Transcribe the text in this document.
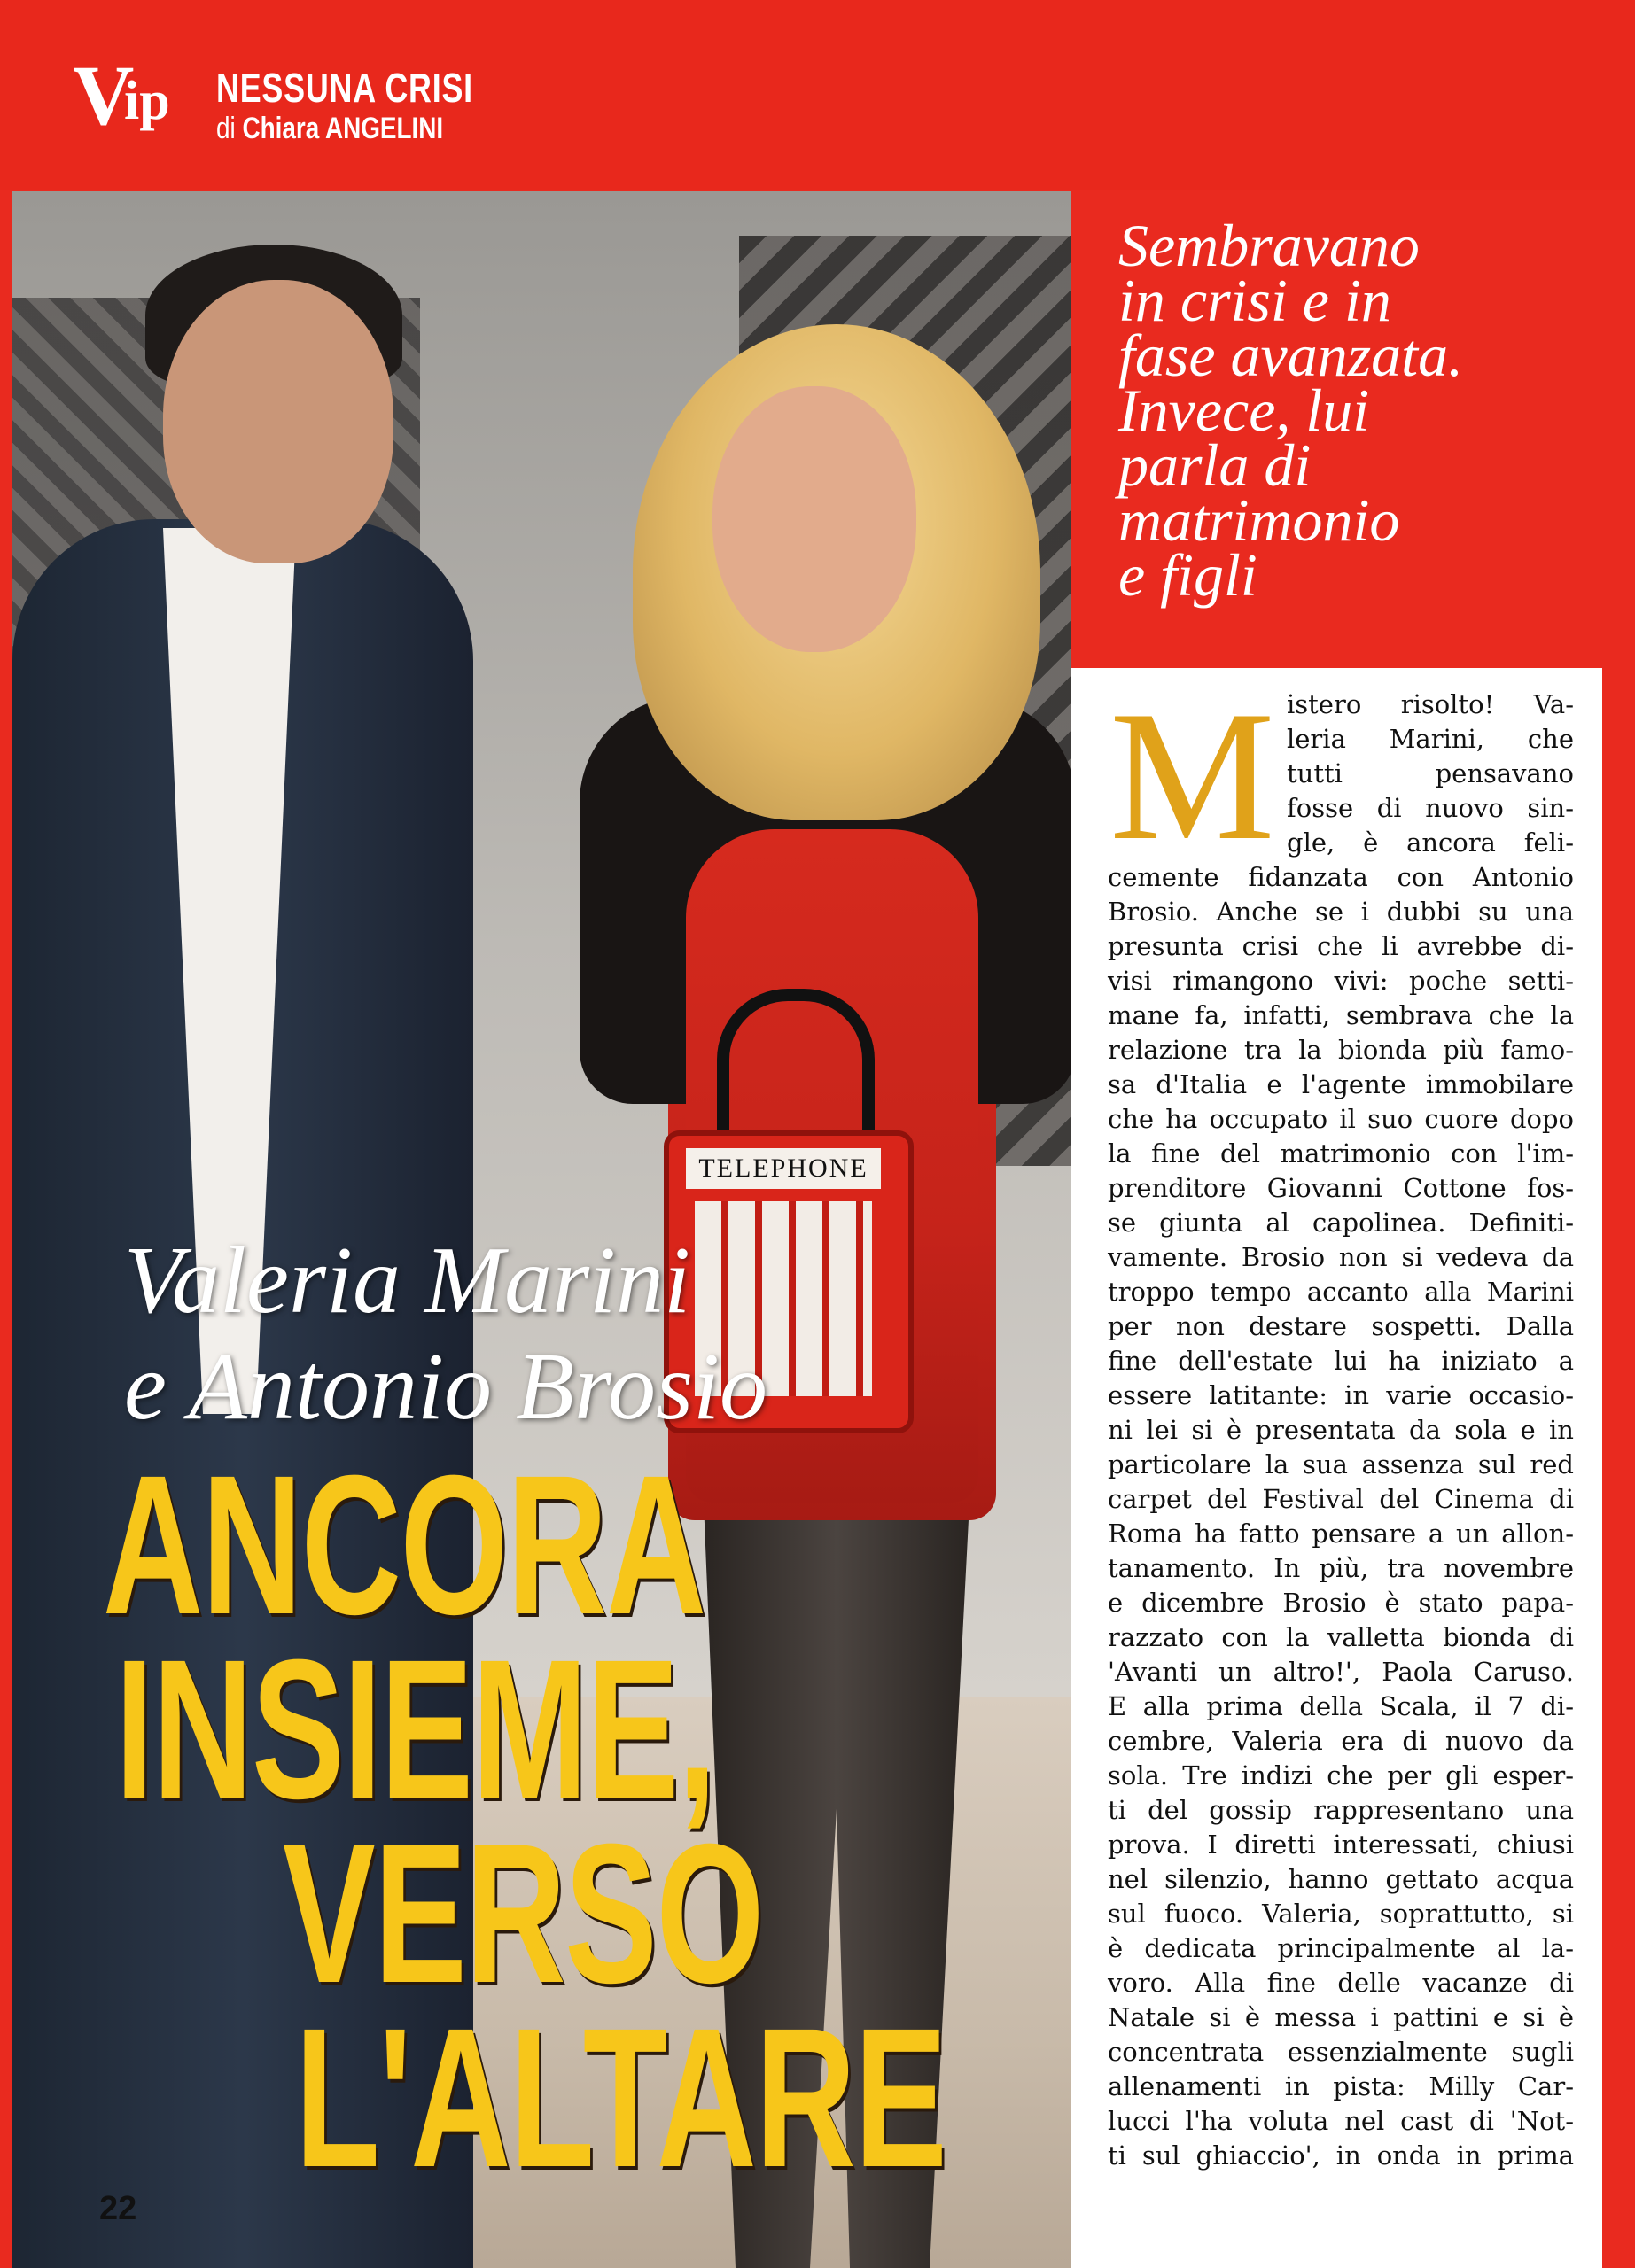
V
ip NESSUNA CRISI
di Chiara ANGELINI
TELEPHONE
Valeria Marini
e Antonio Brosio
ANCORA
INSIEME,
VERSO
L'ALTARE
22
Sembravano
in crisi e in
fase avanzata.
Invece, lui
parla di
matrimonio
e figli
M istero risolto! Va-
leria Marini, che
tutti pensavano
fosse di nuovo sin-
gle, è ancora feli-
cemente fidanzata con Antonio
Brosio. Anche se i dubbi su una
presunta crisi che li avrebbe di-
visi rimangono vivi: poche setti-
mane fa, infatti, sembrava che la
relazione tra la bionda più famo-
sa d'Italia e l'agente immobilare
che ha occupato il suo cuore dopo
la fine del matrimonio con l'im-
prenditore Giovanni Cottone fos-
se giunta al capolinea. Definiti-
vamente. Brosio non si vedeva da
troppo tempo accanto alla Marini
per non destare sospetti. Dalla
fine dell'estate lui ha iniziato a
essere latitante: in varie occasio-
ni lei si è presentata da sola e in
particolare la sua assenza sul red
carpet del Festival del Cinema di
Roma ha fatto pensare a un allon-
tanamento. In più, tra novembre
e dicembre Brosio è stato papa-
razzato con la valletta bionda di
'Avanti un altro!', Paola Caruso.
E alla prima della Scala, il 7 di-
cembre, Valeria era di nuovo da
sola. Tre indizi che per gli esper-
ti del gossip rappresentano una
prova. I diretti interessati, chiusi
nel silenzio, hanno gettato acqua
sul fuoco. Valeria, soprattutto, si
è dedicata principalmente al la-
voro. Alla fine delle vacanze di
Natale si è messa i pattini e si è
concentrata essenzialmente sugli
allenamenti in pista: Milly Car-
lucci l'ha voluta nel cast di 'Not-
ti sul ghiaccio', in onda in prima
